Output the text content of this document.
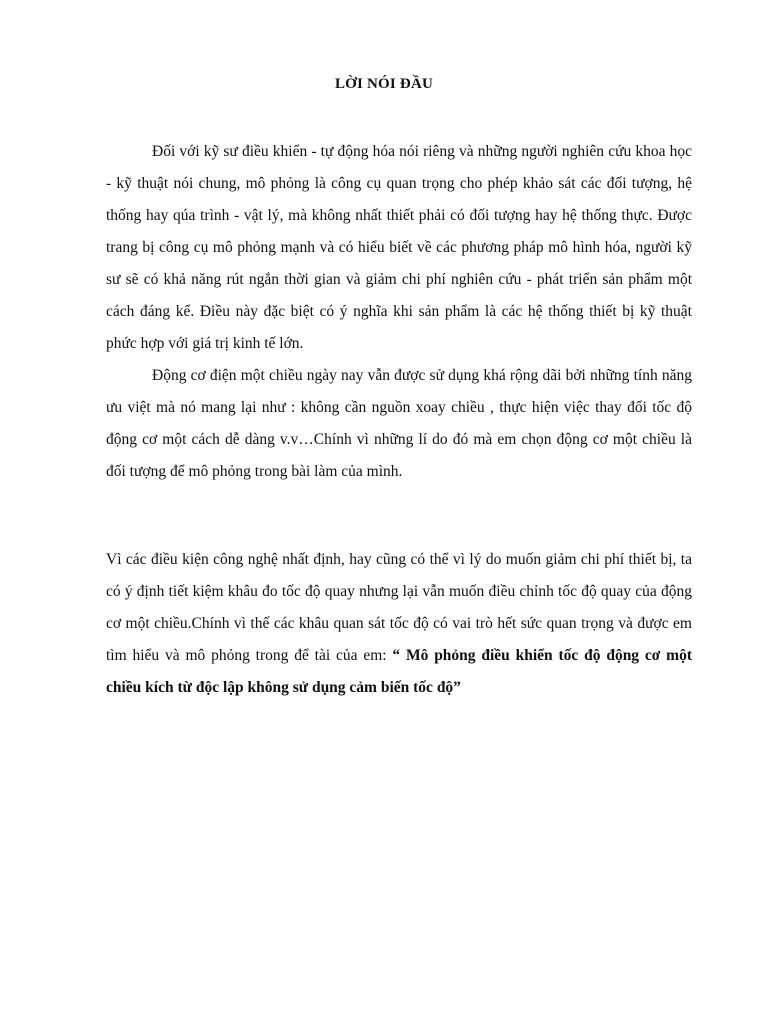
LỜI NÓI ĐẦU

Đối với kỹ sư điều khiển - tự động hóa nói riêng và những người nghiên cứu khoa học - kỹ thuật nói chung, mô phỏng là công cụ quan trọng cho phép khảo sát các đối tượng, hệ thống hay qúa trình - vật lý, mà không nhất thiết phải có đối tượng hay hệ thống thực. Được trang bị công cụ mô phỏng mạnh và có hiểu biết về các phương pháp mô hình hóa, người kỹ sư sẽ có khả năng rút ngắn thời gian và giảm chi phí nghiên cứu - phát triển sản phẩm một cách đáng kể. Điều này đặc biệt có ý nghĩa khi sản phẩm là các hệ thống thiết bị kỹ thuật phức hợp với giá trị kinh tế lớn.

Động cơ điện một chiều ngày nay vẫn được sử dụng khá rộng dãi bởi những tính năng ưu việt mà nó mang lại như : không cần nguồn xoay chiều , thực hiện việc thay đổi tốc độ động cơ một cách dễ dàng v.v…Chính vì những lí do đó mà em chọn động cơ một chiều là đối tượng để mô phỏng trong bài làm của mình.

Vì các điều kiện công nghệ nhất định, hay cũng có thể vì lý do muốn giảm chi phí thiết bị, ta có ý định tiết kiệm khâu đo tốc độ quay nhưng lại vẫn muốn điều chỉnh tốc độ quay của động cơ một chiều.Chính vì thế các khâu quan sát tốc độ có vai trò hết sức quan trọng và được em tìm hiểu và mô phỏng trong để tài của em: “ Mô phỏng điều khiển tốc độ động cơ một chiều kích từ độc lập không sử dụng cảm biến tốc độ”
